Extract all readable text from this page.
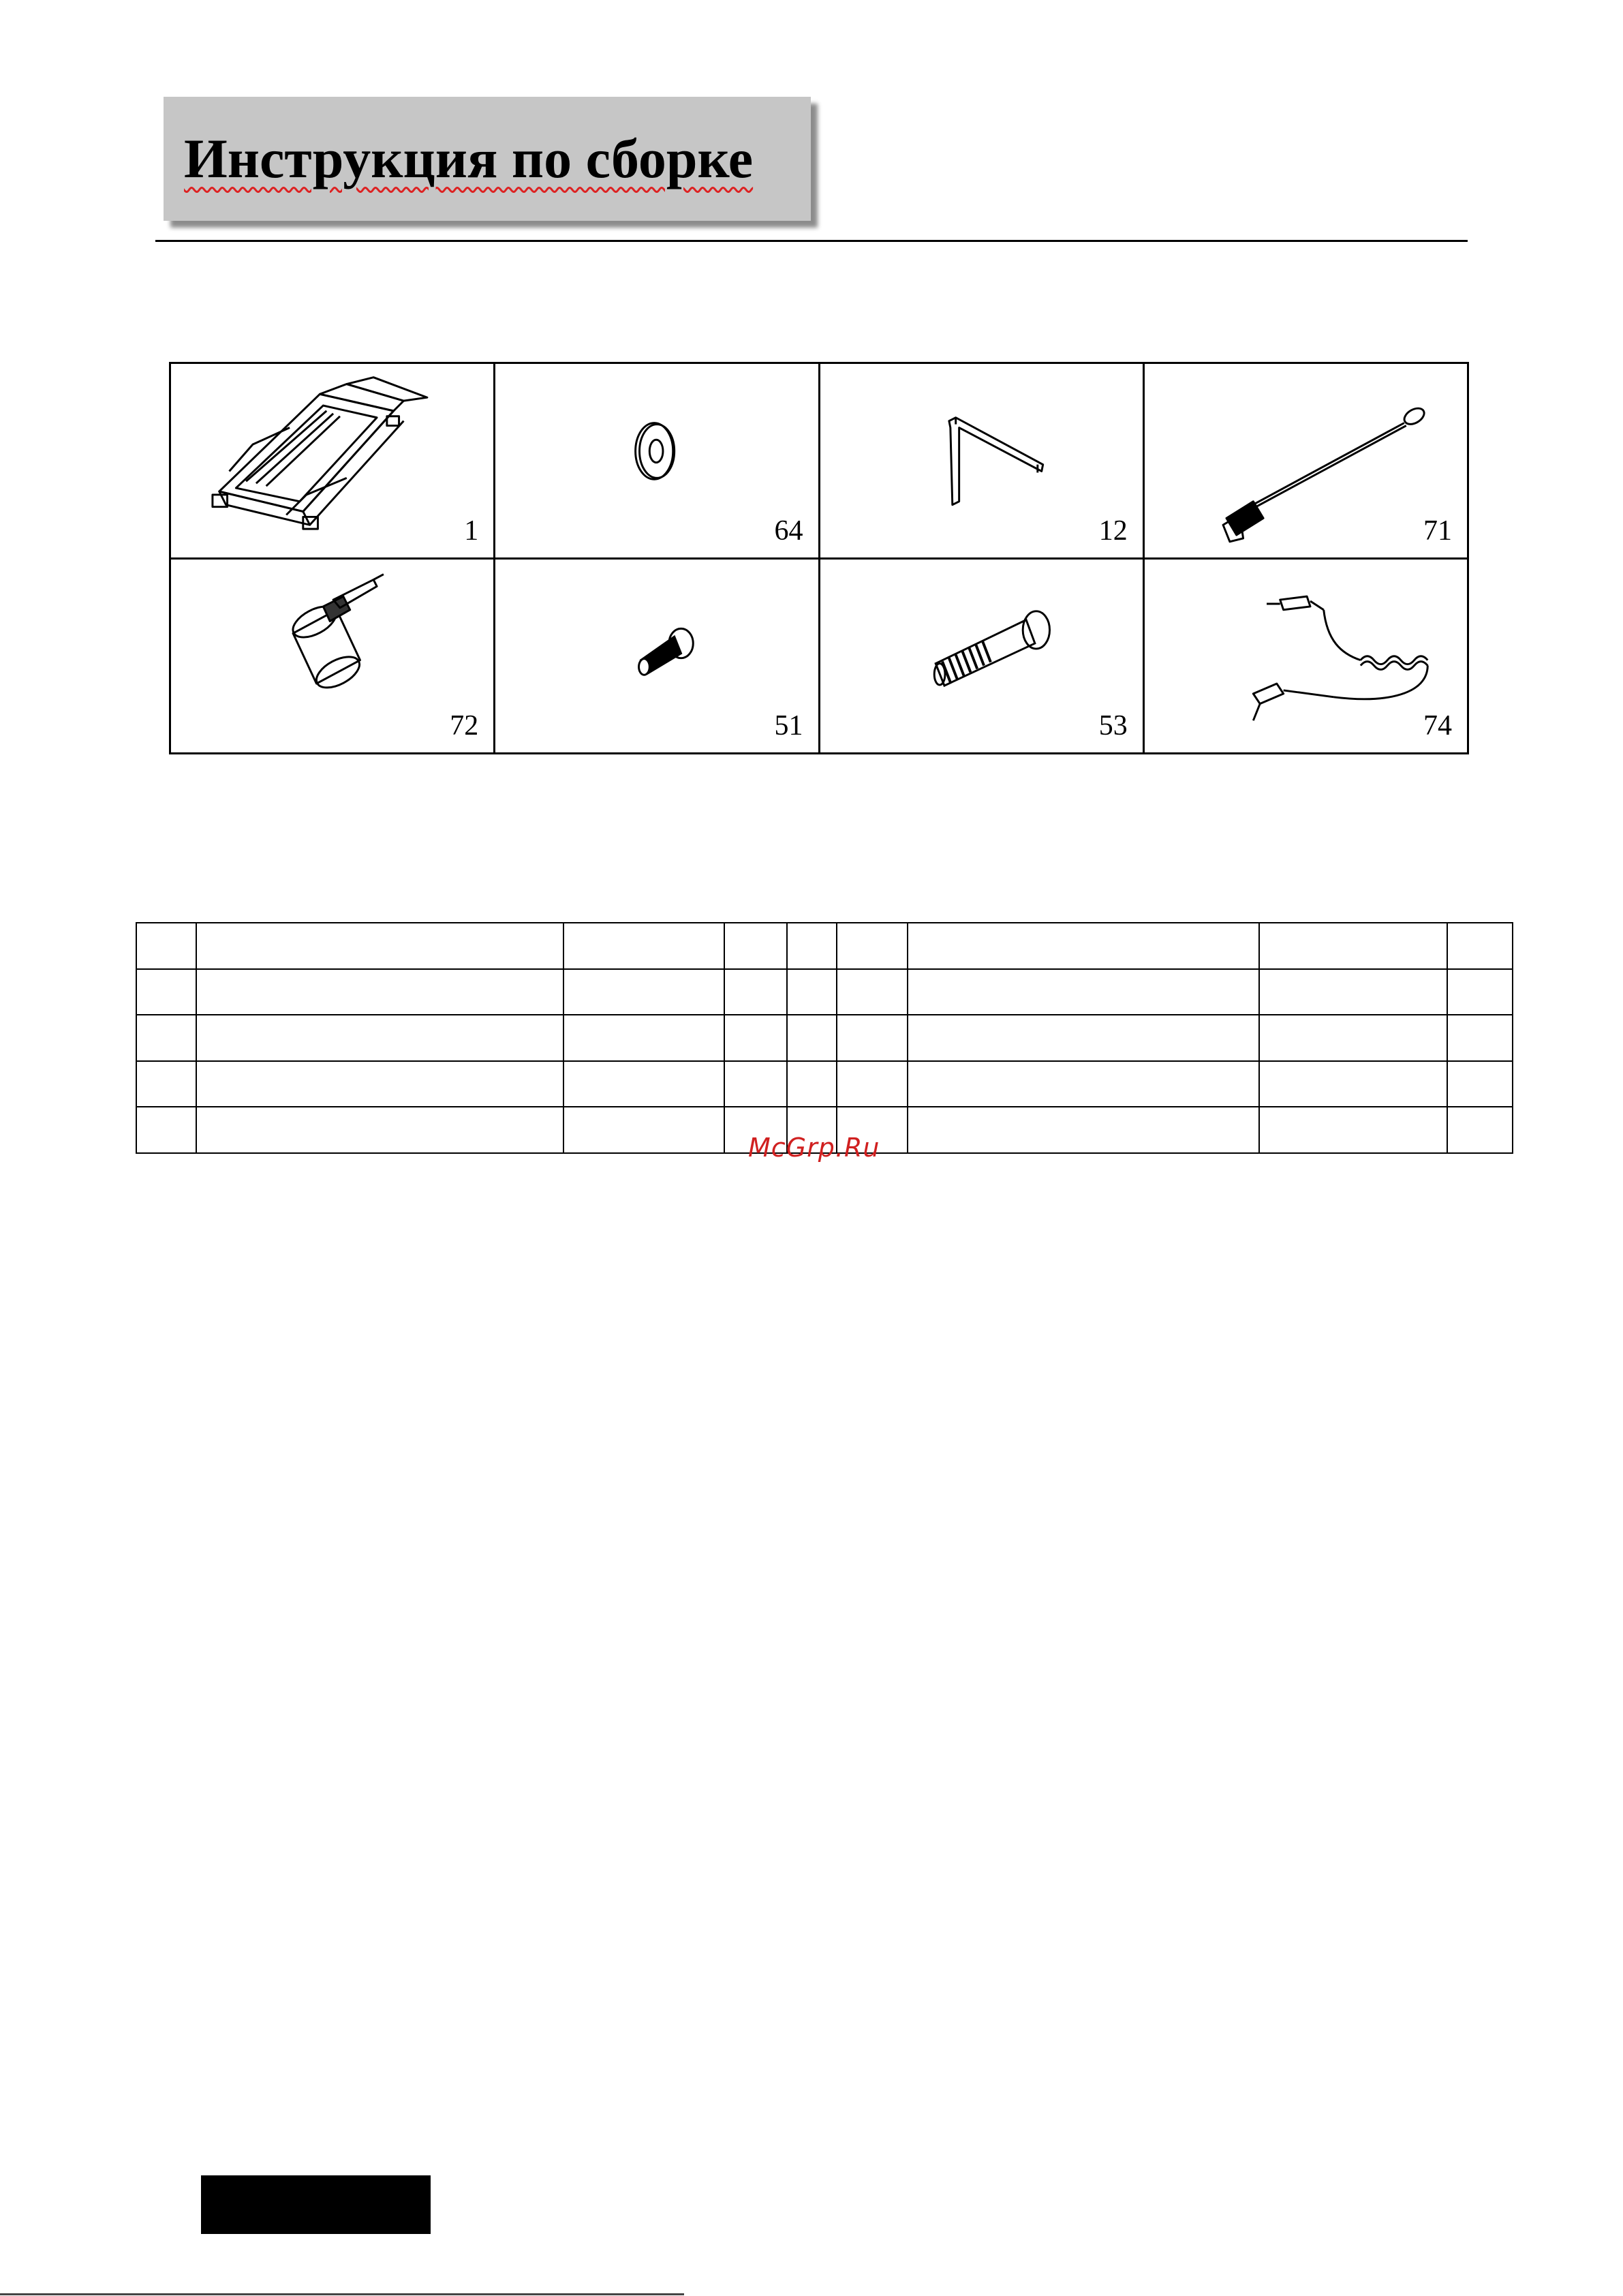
Инструкция по сборке
1	64	12	71

72	51	53	74

McGrp.Ru
